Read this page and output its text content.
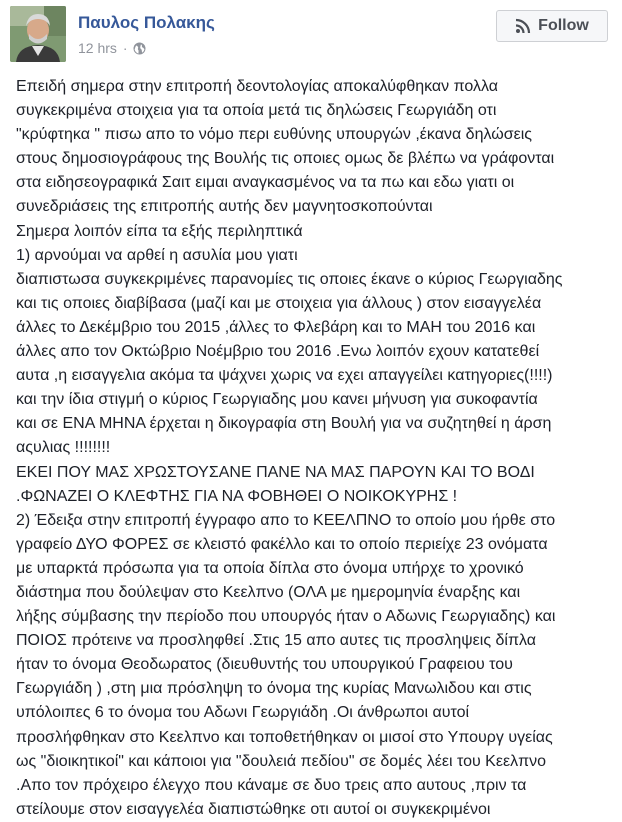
Παυλος Πολακης
12 hrs ·
Follow
Επειδή σημερα στην επιτροπή δεοντολογίας αποκαλύφθηκαν πολλα
συγκεκριμένα στοιχεια για τα οποία μετά τις δηλώσεις Γεωργιάδη οτι
"κρύφτηκα " πισω απο το νόμο περι ευθύνης υπουργών ,έκανα δηλώσεις
στους δημοσιογράφους της Βουλής τις οποιες ομως δε βλέπω να γράφονται
στα ειδησεογραφικά Σαιτ ειμαι αναγκασμένος να τα πω και εδω γιατι οι
συνεδριάσεις της επιτροπής αυτής δεν μαγνητοσκοπούνται
Σημερα λοιπόν είπα τα εξής περιληπτικά
1) αρνούμαι να αρθεί η ασυλία μου γιατι
διαπιστωσα συγκεκριμένες παρανομίες τις οποιες έκανε ο κύριος Γεωργιαδης
και τις οποιες διαβίβασα (μαζί και με στοιχεια για άλλους ) στον εισαγγελέα
άλλες το Δεκέμβριο του 2015 ,άλλες το Φλεβάρη και το ΜΑΗ του 2016 και
άλλες απο τον Οκτώβριο Νοέμβριο του 2016 .Ενω λοιπόν εχουν κατατεθεί
αυτα ,η εισαγγελια ακόμα τα ψάχνει χωρις να εχει απαγγείλει κατηγοριες(!!!!)
και την ίδια στιγμή ο κύριος Γεωργιαδης μου κανει μήνυση για συκοφαντία
και σε ΕΝΑ ΜΗΝΑ έρχεται η δικογραφία στη Βουλή για να συζητηθεί η άρση
αςυλιας !!!!!!!!
ΕΚΕΙ ΠΟΥ ΜΑΣ ΧΡΩΣΤΟΥΣΑΝΕ ΠΑΝΕ ΝΑ ΜΑΣ ΠΑΡΟΥΝ ΚΑΙ ΤΟ ΒΟΔΙ
.ΦΩΝΑΖΕΙ Ο ΚΛΕΦΤΗΣ ΓΙΑ ΝΑ ΦΟΒΗΘΕΙ Ο ΝΟΙΚΟΚΥΡΗΣ !
2) Έδειξα στην επιτροπή έγγραφο απο το ΚΕΕΛΠΝΟ το οποίο μου ήρθε στο
γραφείο ΔΥΟ ΦΟΡΕΣ σε κλειστό φακέλλο και το οποίο περιείχε 23 ονόματα
με υπαρκτά πρόσωπα για τα οποία δίπλα στο όνομα υπήρχε το χρονικό
διάστημα που δούλεψαν στο Κεελπνο (ΟΛΑ με ημερομηνία έναρξης και
λήξης σύμβασης την περίοδο που υπουργός ήταν ο Αδωνις Γεωργιαδης) και
ΠΟΙΟΣ πρότεινε να προσληφθεί .Στις 15 απο αυτες τις προσληψεις δίπλα
ήταν το όνομα Θεοδωρατος (διευθυντής του υπουργικού Γραφειου του
Γεωργιάδη ) ,στη μια πρόσληψη το όνομα της κυρίας Μανωλιδου και στις
υπόλοιπες 6 το όνομα του Αδωνι Γεωργιάδη .Οι άνθρωποι αυτοί
προσλήφθηκαν στο Κεελπνο και τοποθετήθηκαν οι μισοί στο Υπουργ υγείας
ως "διοικητικοί" και κάποιοι για "δουλειά πεδίου" σε δομές λέει του Κεελπνο
.Απο τον πρόχειρο έλεγχο που κάναμε σε δυο τρεις απο αυτους ,πριν τα
στείλουμε στον εισαγγελέα διαπιστώθηκε οτι αυτοί οι συγκεκριμένοι
